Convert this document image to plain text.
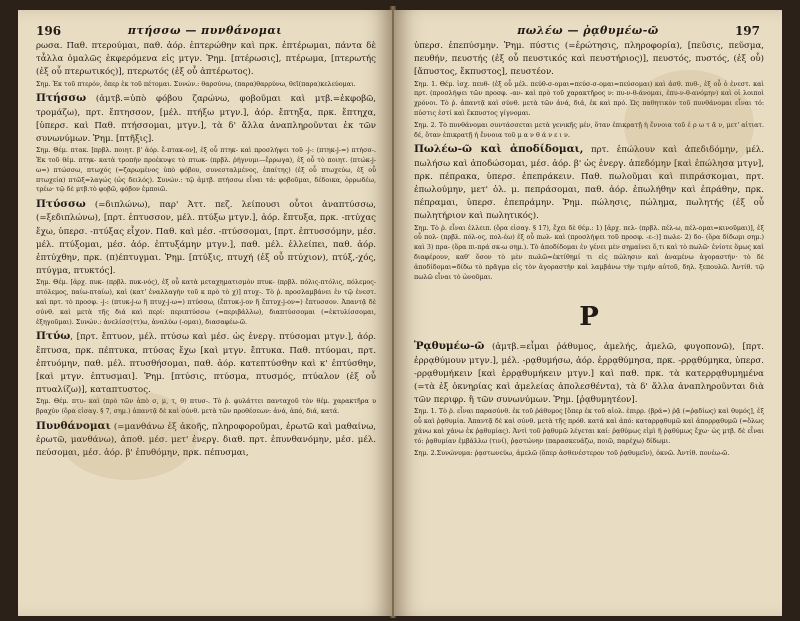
196	πτήσσω — πυνθάνομαι

ρωσα. Παθ. πτερούμαι, παθ. ἀόρ. ἐπτερώθην καὶ πρκ. ἐπτέρωμαι, πάντα δὲ τἆλλα ὁμαλῶς ἐκφερόμενα εἰς μτγν. Ῥημ. [πτέρωσις], πτέρωμα, [πτερωτής (ἐξ οὗ πτερωτικός)], πτερωτός (ἐξ οὗ ἀπτέρωτος).

Σημ. Ἐκ τοῦ πτερόν, ὅπερ ἐκ τοῦ πέτομαι. Συνών.: θαρσύνω, (παρα)θαρρύνω, θεῖ(παρα)κελεύομαι.

Πτήσσω (ἀμτβ.=ὑπὸ φόβου ζαρώνω, φοβοῦμαι καὶ μτβ.=ἐκφοβῶ, τρομάζω), πρτ. ἔπτησσον, [μέλ. πτήξω μτγν.], ἀόρ. ἔπτηξα, πρκ. ἔπτηχα, [ὑπερσ. καὶ Παθ. πτήσσομαι, μτγν.], τὰ δ' ἄλλα ἀναπληροῦνται ἐκ τῶν συνωνύμων. Ῥημ. [πτῆξις].

Σημ. Θέμ. πτακ. [πρβλ. ποιητ. β' ἀόρ. ἔ-πτακ-ον], ἐξ οὗ πτηκ- καὶ προσλήψει τοῦ -j-: (πτηκ-j-=) πτήσσ-. Ἐκ τοῦ θέμ. πτηκ- κατὰ τροπὴν προέκυψε τὸ πτωκ- (πρβλ. ῥήγνυμι—ἔρρωγα), ἐξ οὗ τὸ ποιητ. (πτώκ-j-ω=) πτώσσω, πτωχός (=ζαρωμένος ὑπὸ φόβου, συνεσταλμένος, ἐπαίτης) (ἐξ οὗ πτωχεύω, ἐξ οὗ πτωχεία) πτῶξ=λαγώς (ὡς δειλός). Συνών.: τῷ ἀμτβ. πτήσσω εἶναι τά: φοβοῦμαι, δέδοικα, ὀρρωδέω, τρέω· τῷ δὲ μτβ.τὸ φοβῶ, φόβον ἐμποιῶ.

Πτύσσω (=διπλώνω), παρ' Ἀττ. πεζ. λείπουσι οὗτοι ἀναπτύσσω, (=ξεδιπλώνω), [πρτ. ἐπτυσσον, μέλ. πτύξω μτγν.], ἀόρ. ἔπτυξα, πρκ. -πτύχας ἔχω, ὑπερσ. -πτύξας εἶχον. Παθ. καὶ μέσ. -πτύσσομαι, [πρτ. ἐπτυσσόμην, μέσ. μέλ. πτύξομαι, μέσ. ἀόρ. ἐπτυξάμην μτγν.], παθ. μέλ. ἐλλείπει, παθ. ἀόρ. ἐπτύχθην, πρκ. (π)έπτυγμαι. Ῥημ. [πτύξις, πτυχή (ἐξ οὗ πτύχιον), πτύξ,-χός, πτύγμα, πτυκτός].

Σημ. Θέμ. [ἀρχ. πυκ- (πρβλ. πυκ-νός), ἐξ οὗ κατὰ μεταχηματισμὸν πτυκ- (πρβλ. πόλις-πτόλις, πόλεμος-πτόλεμος, παίω-πταίω), καὶ (κατ' ἐναλλαγὴν τοῦ κ πρὸ τὸ χ)] πτυχ-. Τὸ ῥ. προσλαμβάνει ἐν τῷ ἐνεστ. καὶ πρτ. τὸ προσφ. -j-: (πτυκ-j-ω ἢ πτυχ-j-ω=) πτύσσω, (ἔπτυκ-j-ον ἢ ἔπτυχ-j-ον=) ἔπτυσσον. Ἀπαντᾷ δὲ σύνθ. καὶ μετὰ τῆς διά καὶ περί: περιπτύσσω (=περιβάλλω), διαπτύσσομαι (=ἐκτυλίσσομαι, ἐξηγοῦμαι). Συνών.: ἀνελίσσ(ττ)ω, ἀναλύω (-ομαι), διασαφέω-ῶ.

Πτύω, [πρτ. ἔπτυον, μέλ. πτύσω καὶ μέσ. ὡς ἐνεργ. πτύσομαι μτγν.], ἀόρ. ἔπτυσα, πρκ. πέπτυκα, πτύσας ἔχω [καὶ μτγν. ἔπτυκα. Παθ. πτύομαι, πρτ. ἐπτυόμην, παθ. μέλ. πτυσθήσομαι, παθ. ἀόρ. κατεπτύσθην καὶ κ' ἐπτύσθην, [καὶ μτγν. ἐπτυσμαι]. Ῥημ. [πτύσις, πτύσμα, πτυσμός, πτύαλον (ἐξ οὗ πτυαλίζω)], καταπτυστος.

Σημ. Θέμ. πτυ- καὶ (πρὸ τῶν ἀπὸ σ, μ, τ, θ) πτυσ-. Τὸ ῥ. φυλάττει πανταχοῦ τὸν θέμ. χαρακτῆρα υ βραχὺν (ὅρα εἰσαγ. § 7, σημ.) ἀπαντᾷ δὲ καὶ σύνθ. μετὰ τῶν προθέσεων: ἀνά, ἀπό, διά, κατά.

Πυνθάνομαι (=μανθάνω ἐξ ἀκοῆς, πληροφοροῦμαι, ἐρωτῶ καὶ μαθαίνω, ἐρωτῶ, μανθάνω), ἀποθ. μέσ. μετ' ἐνεργ. διαθ. πρτ. ἐπυνθανόμην, μέσ. μέλ. πεύσομαι, μέσ. ἀόρ. β' ἐπυθόμην, πρκ. πέπυσμαι,

πωλέω — ῥᾳθυμέω-ῶ	197

ὑπερσ. ἐπεπύσμην. Ῥημ. πύστις (=ἐρώτησις, πληροφορία), [πεῦσις, πεῦσμα, πευθήν, πευστής (ἐξ οὗ πευστικός καὶ πευστήριος)], πευστός, πυστός, (ἐξ οὗ) [ἄπυστος, ἔκπυστος], πευστέον.

Σημ. 1. Θέμ. ἰσχ. πευθ- (ἐξ οὗ μέλ. πεύθ-σ-ομαι=πεύσ-σ-ομαι=πεύσομαι) καὶ ἀσθ. πυθ-, ἐξ οὗ ὁ ἐνεστ. καὶ πρτ. (προσλήψει τῶν προσφ. -αν- καὶ πρὸ τοῦ χαρακτῆρος ν: πυ-ν-θ-άνομαι, ἐπυ-ν-θ-ανόμην) καὶ οἱ λοιποὶ χρόνοι. Τὸ ῥ. ἀπαντᾷ καὶ σύνθ. μετὰ τῶν ἀνά, διά, ἐκ καὶ πρό. Ὡς παθητικὸν τοῦ πυνθάνομαι εἶναι τό: πύστις ἐστί καὶ ἔκπυστος γίγνομαι.

Σημ. 2. Τὸ πυνθάνομαι συντάσσεται μετὰ γενικῆς μέν, ὅταν ἐπικρατῇ ἡ ἔννοια τοῦ ἐ ρ ω τ ᾶ ν, μετ' αἰτιατ. δέ, ὅταν ἐπικρατῇ ἡ ἔννοια τοῦ μ α ν θ ά ν ε ι ν.

Πωλέω-ῶ καὶ ἀποδίδομαι, πρτ. ἐπώλουν καὶ ἀπεδιδόμην, μέλ. πωλήσω καὶ ἀποδώσομαι, μέσ. ἀόρ. β' ὡς ἐνεργ. ἀπεδόμην [καὶ ἐπώλησα μτγν], πρκ. πέπρακα, ὑπερσ. ἐπεπράκειν. Παθ. πωλοῦμαι καὶ πιπράσκομαι, πρτ. ἐπωλούμην, μετ' ὀλ. μ. πεπράσομαι, παθ. ἀόρ. ἐπωλήθην καὶ ἐπράθην, πρκ. πέπραμαι, ὑπερσ. ἐπεπράμην. Ῥημ. πώλησις, πώλημα, πωλητής (ἐξ οὗ πωλητήριον καὶ πωλητικός).

Σημ. Τὸ ῥ. εἶναι ἐλλειπ. (ὅρα εἰσαγ. § 17), ἔχει δὲ θέμ.: 1) [ἀρχ. πελ- (πρβλ. πέλ-ω, πέλ-ομαι=κινοῦμαι)], ἐξ οὗ πολ- (πρβλ. πόλ-ος, πολ-έω) ἐξ οὗ πωλ- καὶ (προσλήψει τοῦ προσφ. -ε-:)] πωλε- 2) δο- (ὅρα δίδωμι σημ.) καὶ 3) πρα- (ὅρα πι-πρά σκ-ω σημ.). Τὸ ἀποδίδομαι ἐν γένει μὲν σημαίνει ὅ,τι καὶ τὸ πωλῶ· ἐνίοτε ὅμως καὶ διαφέρουν, καθ' ὅσον τὸ μὲν πωλῶ=ἐκτίθημί τι εἰς πώλησιν καὶ ἀναμένω ἀγοραστήν· τὸ δὲ ἀποδίδομαι=δίδω τὸ πρᾶγμα εἰς τὸν ἀγοραστὴν καὶ λαμβάνω τὴν τιμὴν αὐτοῦ, δηλ. ξεπουλῶ. Ἀντίθ. τῷ πωλῶ εἶναι τὸ ὠνοῦμαι.

P

Ῥᾳθυμέω-ῶ (ἀμτβ.=εἶμαι ῥάθυμος, ἀμελής, ἀμελῶ, φυγοπονῶ), [πρτ. ἐρρᾳθύμουν μτγν.], μέλ. -ρᾳθυμήσω, ἀόρ. ἐρρᾳθύμησα, πρκ. -ρρᾳθύμηκα, ὑπερσ. -ρρᾳθυμήκειν [καὶ ἐρρᾳθυμήκειν μτγν.] καὶ παθ. πρκ. τὰ κατερρᾳθυμημένα (=τὰ ἐξ ὀκνηρίας καὶ ἀμελείας ἀπολεσθέντα), τὰ δ' ἄλλα ἀναπληροῦνται διὰ τῶν περιφρ. ἢ τῶν συνωνύμων. Ῥημ. [ῥᾳθυμητέον].

Σημ. 1. Τὸ ῥ. εἶναι παρασύνθ. ἐκ τοῦ ῥάθυμος [ὅπερ ἐκ τοῦ αἰολ. ἐπιρρ. (βρά=) ῥᾷ (=ῥᾳδίως) καὶ θυμός], ἐξ οὗ καὶ ῥᾳθυμία. Ἀπαντᾷ δὲ καὶ σύνθ. μετὰ τῆς πρόθ. κατά καὶ ἀπό: καταρρᾳθυμῶ καὶ ἀπορρᾳθυμῶ (=ὅλως χάνω καὶ χάνω ἐκ ῥᾳθυμίας). Ἀντὶ τοῦ ῥᾳθυμῶ λέγεται καί: ῥᾳθύμως εἰμὶ ἢ ῥᾳθύμως ἔχω· ὡς μτβ. δὲ εἶναι τό: ῥᾳθυμίαν ἐμβάλλω (τινί), ῥᾳστώνην (παρασκευάζω, ποιῶ, παρέχω) δίδωμι.

Σημ. 2.Συνώνυμα: ῥᾳστωνεύω, ἀμελῶ (ὅπερ ἀσθενέστερον τοῦ ῥᾳθυμεῖν), ὀκνῶ. Ἀντίθ. πονέω-ῶ.
